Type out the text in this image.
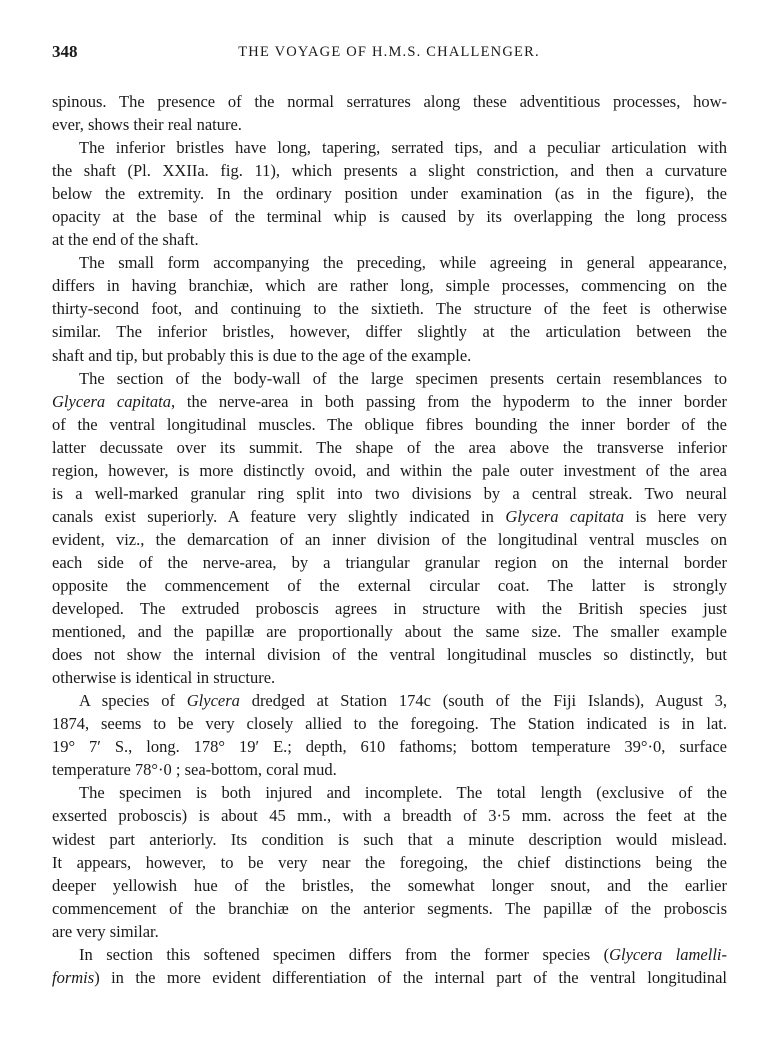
348	THE VOYAGE OF H.M.S. CHALLENGER.
spinous. The presence of the normal serratures along these adventitious processes, how-
ever, shows their real nature.
The inferior bristles have long, tapering, serrated tips, and a peculiar articulation with
the shaft (Pl. XXIIa. fig. 11), which presents a slight constriction, and then a curvature
below the extremity. In the ordinary position under examination (as in the figure), the
opacity at the base of the terminal whip is caused by its overlapping the long process
at the end of the shaft.
The small form accompanying the preceding, while agreeing in general appearance,
differs in having branchiæ, which are rather long, simple processes, commencing on the
thirty-second foot, and continuing to the sixtieth. The structure of the feet is otherwise
similar. The inferior bristles, however, differ slightly at the articulation between the
shaft and tip, but probably this is due to the age of the example.
The section of the body-wall of the large specimen presents certain resemblances to
Glycera capitata, the nerve-area in both passing from the hypoderm to the inner border
of the ventral longitudinal muscles. The oblique fibres bounding the inner border of the
latter decussate over its summit. The shape of the area above the transverse inferior
region, however, is more distinctly ovoid, and within the pale outer investment of the area
is a well-marked granular ring split into two divisions by a central streak. Two neural
canals exist superiorly. A feature very slightly indicated in Glycera capitata is here very
evident, viz., the demarcation of an inner division of the longitudinal ventral muscles on
each side of the nerve-area, by a triangular granular region on the internal border
opposite the commencement of the external circular coat. The latter is strongly
developed. The extruded proboscis agrees in structure with the British species just
mentioned, and the papillæ are proportionally about the same size. The smaller example
does not show the internal division of the ventral longitudinal muscles so distinctly, but
otherwise is identical in structure.
A species of Glycera dredged at Station 174c (south of the Fiji Islands), August 3,
1874, seems to be very closely allied to the foregoing. The Station indicated is in lat.
19° 7′ S., long. 178° 19′ E.; depth, 610 fathoms; bottom temperature 39°·0, surface
temperature 78°·0 ; sea-bottom, coral mud.
The specimen is both injured and incomplete. The total length (exclusive of the
exserted proboscis) is about 45 mm., with a breadth of 3·5 mm. across the feet at the
widest part anteriorly. Its condition is such that a minute description would mislead.
It appears, however, to be very near the foregoing, the chief distinctions being the
deeper yellowish hue of the bristles, the somewhat longer snout, and the earlier
commencement of the branchiæ on the anterior segments. The papillæ of the proboscis
are very similar.
In section this softened specimen differs from the former species (Glycera lamelli-
formis) in the more evident differentiation of the internal part of the ventral longitudinal
